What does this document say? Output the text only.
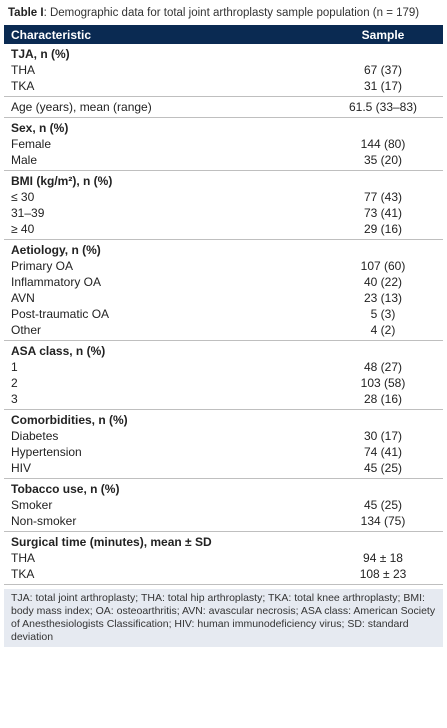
Table I: Demographic data for total joint arthroplasty sample population (n = 179)
Characteristic	Sample
TJA, n (%)
THA	67 (37)
TKA	31 (17)
Age (years), mean (range)	61.5 (33–83)
Sex, n (%)
Female	144 (80)
Male	35 (20)
BMI (kg/m²), n (%)
≤ 30	77 (43)
31–39	73 (41)
≥ 40	29 (16)
Aetiology, n (%)
Primary OA	107 (60)
Inflammatory OA	40 (22)
AVN	23 (13)
Post-traumatic OA	5 (3)
Other	4 (2)
ASA class, n (%)
1	48 (27)
2	103 (58)
3	28 (16)
Comorbidities, n (%)
Diabetes	30 (17)
Hypertension	74 (41)
HIV	45 (25)
Tobacco use, n (%)
Smoker	45 (25)
Non-smoker	134 (75)
Surgical time (minutes), mean ± SD
THA	94 ± 18
TKA	108 ± 23
TJA: total joint arthroplasty; THA: total hip arthroplasty; TKA: total knee arthroplasty; BMI: body mass index; OA: osteoarthritis; AVN: avascular necrosis; ASA class: American Society of Anesthesiologists Classification; HIV: human immunodeficiency virus; SD: standard deviation
